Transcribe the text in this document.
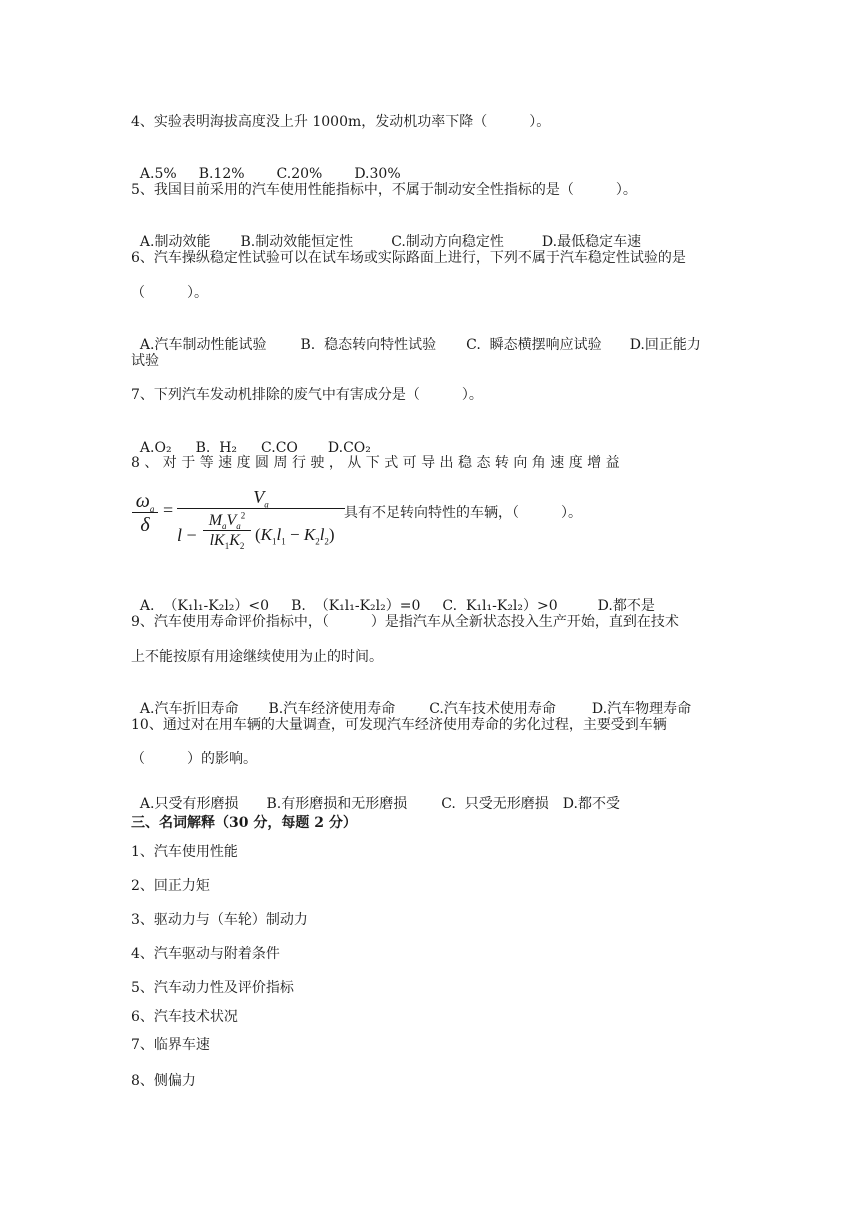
4、实验表明海拔高度没上升 1000m，发动机功率下降（　　　）。

A.5% B.12% C.20% D.30%

5、我国目前采用的汽车使用性能指标中，不属于制动安全性指标的是（　　　）。

A.制动效能 B.制动效能恒定性	C.制动方向稳定性	D.最低稳定车速

6、汽车操纵稳定性试验可以在试车场或实际路面上进行，下列不属于汽车稳定性试验的是
（　　　）。

A.汽车制动性能试验 B.  稳态转向特性试验 C.  瞬态横摆响应试验 D.回正能力

试验
7、下列汽车发动机排除的废气中有害成分是（　　　）。

A.O₂ B.  H₂ C.CO D.CO₂

8 、 对 于 等 速 度 圆 周 行 驶 ， 从 下 式 可 导 出 稳 态 转 向 角 速 度 增 益
$\omega_a$
δ
=
$V_a$
l −
$M_aV_a^2$
$lK_1K_2$
$(K_1l_1 - K_2l_2)$
具有不足转向特性的车辆，（　　　）。

A.  （K₁l₁-K₂l₂）<0 B.  （K₁l₁-K₂l₂）=0 C.  K₁l₁-K₂l₂）>0	D.都不是

9、汽车使用寿命评价指标中，（　　　）是指汽车从全新状态投入生产开始，直到在技术
上不能按原有用途继续使用为止的时间。

A.汽车折旧寿命 B.汽车经济使用寿命 C.汽车技术使用寿命	D.汽车物理寿命

10、通过对在用车辆的大量调查，可发现汽车经济使用寿命的劣化过程，主要受到车辆
（　　　）的影响。

A.只受有形磨损 B.有形磨损和无形磨损 C.  只受无形磨损 D.都不受

三、名词解释（30 分，每题 2 分）
1、汽车使用性能
2、回正力矩
3、驱动力与（车轮）制动力
4、汽车驱动与附着条件
5、汽车动力性及评价指标
6、汽车技术状况
7、临界车速
8、侧偏力
